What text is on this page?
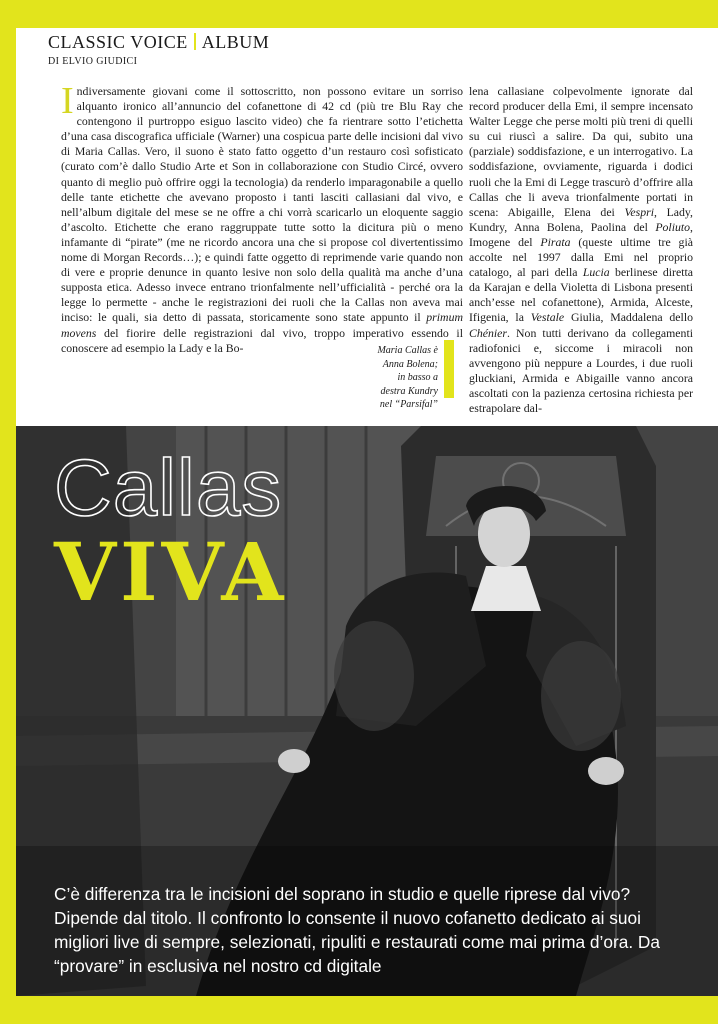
CLASSIC VOICE ALBUM
DI ELVIO GIUDICI

Indiversamente giovani come il sottoscritto, non possono evitare un sorriso alquanto ironico all’annuncio del cofanettone di 42 cd (più tre Blu Ray che contengono il purtroppo esiguo lascito video) che fa rientrare sotto l’etichetta d’una casa discografica ufficiale (Warner) una cospicua parte delle incisioni dal vivo di Maria Callas. Vero, il suono è stato fatto oggetto d’un restauro così sofisticato (curato com’è dallo Studio Arte et Son in collaborazione con Studio Circé, ovvero quanto di meglio può offrire oggi la tecnologia) da renderlo imparagonabile a quello delle tante etichette che avevano proposto i tanti lasciti callasiani dal vivo, e nell’album digitale del mese se ne offre a chi vorrà scaricarlo un eloquente saggio d’ascolto. Etichette che erano raggruppate tutte sotto la dicitura più o meno infamante di “pirate” (me ne ricordo ancora una che si propose col divertentissimo nome di Morgan Records…); e quindi fatte oggetto di reprimende varie quando non di vere e proprie denunce in quanto lesive non solo della qualità ma anche d’una supposta etica. Adesso invece entrano trionfalmente nell’ufficialità - perché ora la legge lo permette - anche le registrazioni dei ruoli che la Callas non aveva mai inciso: le quali, sia detto di passata, storicamente sono state appunto il primum movens del fiorire delle registrazioni dal vivo, troppo imperativo essendo il conoscere ad esempio la Lady e la Bo-

lena callasiane colpevolmente ignorate dal record producer della Emi, il sempre incensato Walter Legge che perse molti più treni di quelli su cui riuscì a salire. Da qui, subito una (parziale) soddisfazione, e un interrogativo. La soddisfazione, ovviamente, riguarda i dodici ruoli che la Emi di Legge trascurò d’offrire alla Callas che li aveva trionfalmente portati in scena: Abigaille, Elena dei Vespri, Lady, Kundry, Anna Bolena, Paolina del Poliuto, Imogene del Pirata (queste ultime tre già accolte nel 1997 dalla Emi nel proprio catalogo, al pari della Lucia berlinese diretta da Karajan e della Violetta di Lisbona presenti anch’esse nel cofanettone), Armida, Alceste, Ifigenia, la Vestale Giulia, Maddalena dello Chénier. Non tutti derivano da collegamenti radiofonici e, siccome i miracoli non avvengono più neppure a Lourdes, i due ruoli gluckiani, Armida e Abigaille vanno ancora ascoltati con la pazienza certosina richiesta per estrapolare dal-

Maria Callas è
Anna Bolena;
in basso a
destra Kundry
nel “Parsifal”
Callas
VIVA
C’è differenza tra le incisioni del soprano in studio e quelle riprese dal vivo? Dipende dal titolo. Il confronto lo consente il nuovo cofanetto dedicato ai suoi migliori live di sempre, selezionati, ripuliti e restaurati come mai prima d’ora. Da “provare” in esclusiva nel nostro cd digitale
